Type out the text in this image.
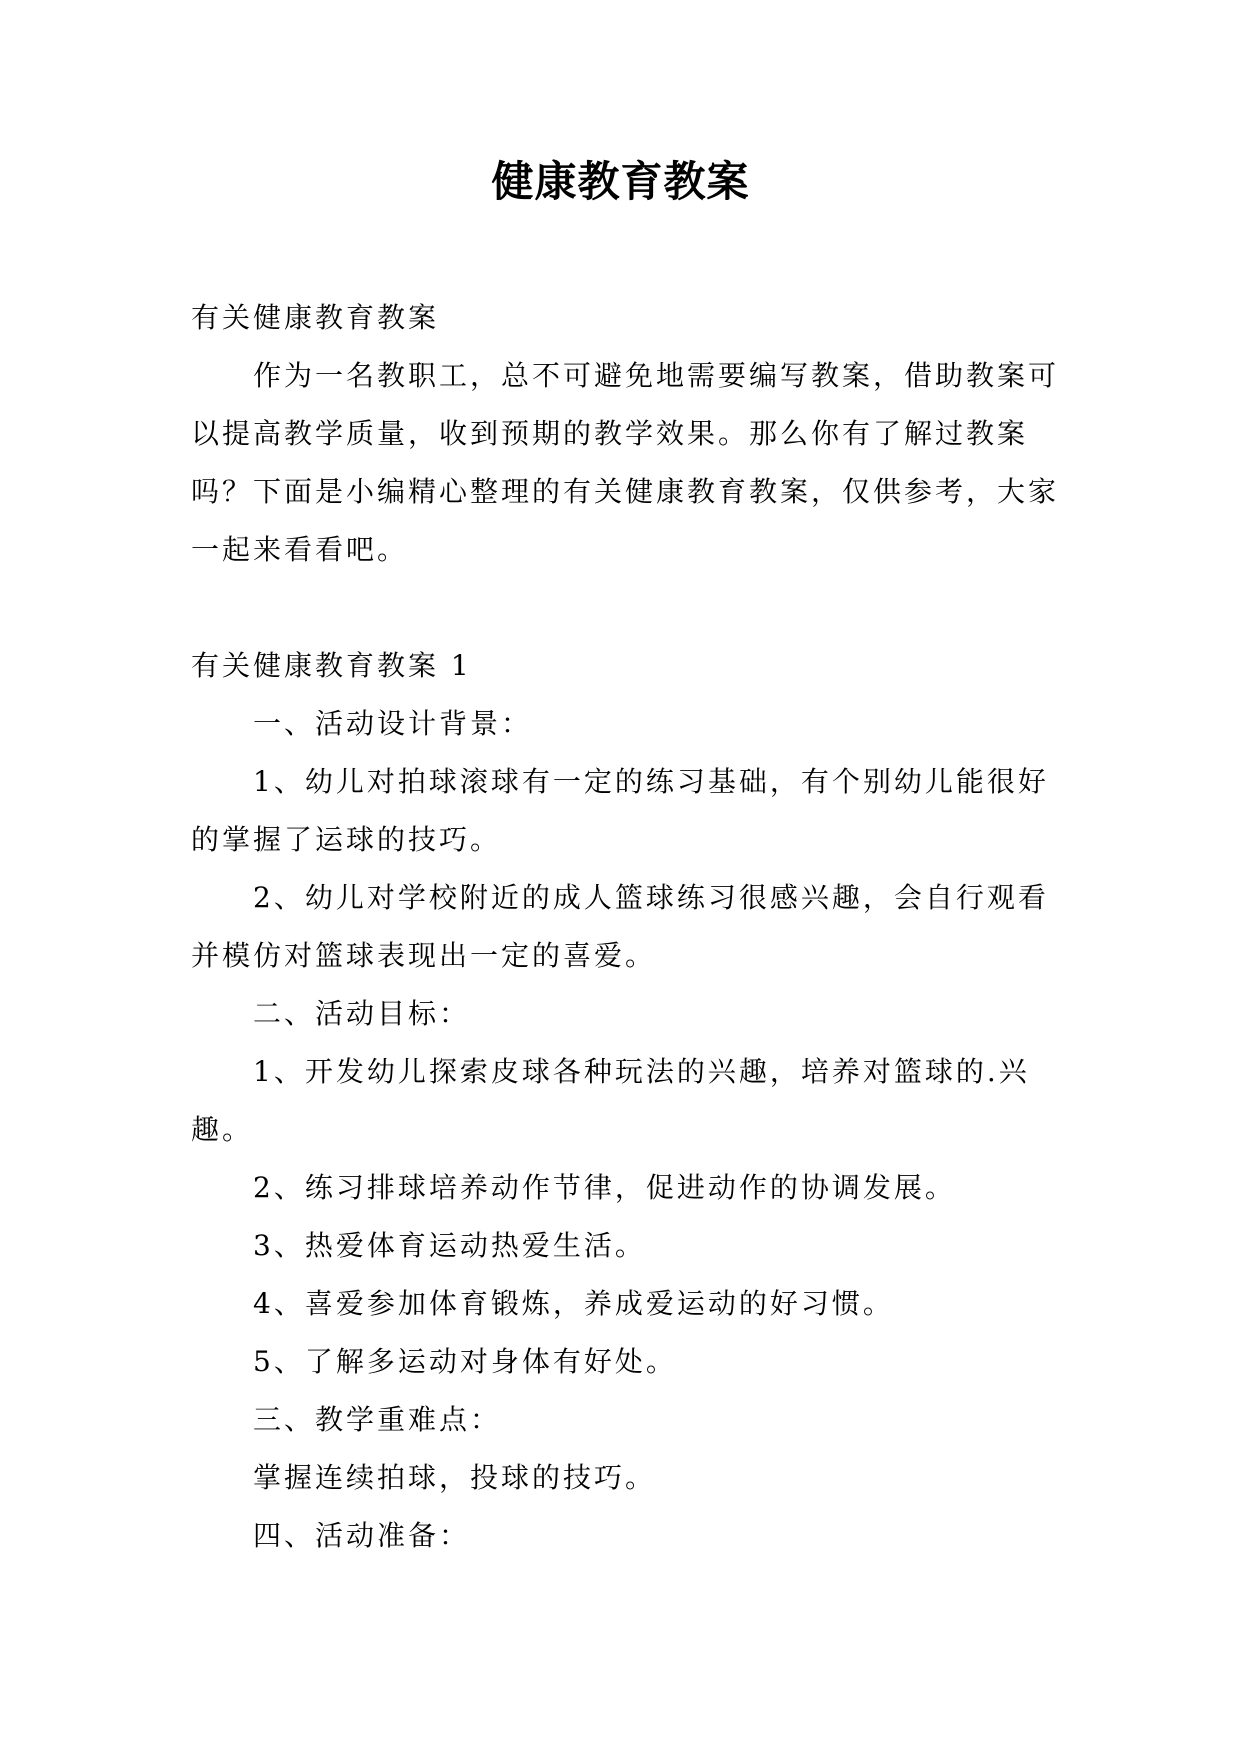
健康教育教案

有关健康教育教案

作为一名教职工，总不可避免地需要编写教案，借助教案可以提高教学质量，收到预期的教学效果。那么你有了解过教案吗？下面是小编精心整理的有关健康教育教案，仅供参考，大家一起来看看吧。

有关健康教育教案 1

一、活动设计背景：

1、幼儿对拍球滚球有一定的练习基础，有个别幼儿能很好的掌握了运球的技巧。

2、幼儿对学校附近的成人篮球练习很感兴趣，会自行观看并模仿对篮球表现出一定的喜爱。

二、活动目标：

1、开发幼儿探索皮球各种玩法的兴趣，培养对篮球的.兴趣。

2、练习排球培养动作节律，促进动作的协调发展。

3、热爱体育运动热爱生活。

4、喜爱参加体育锻炼，养成爱运动的好习惯。

5、了解多运动对身体有好处。

三、教学重难点：

掌握连续拍球，投球的技巧。

四、活动准备：
